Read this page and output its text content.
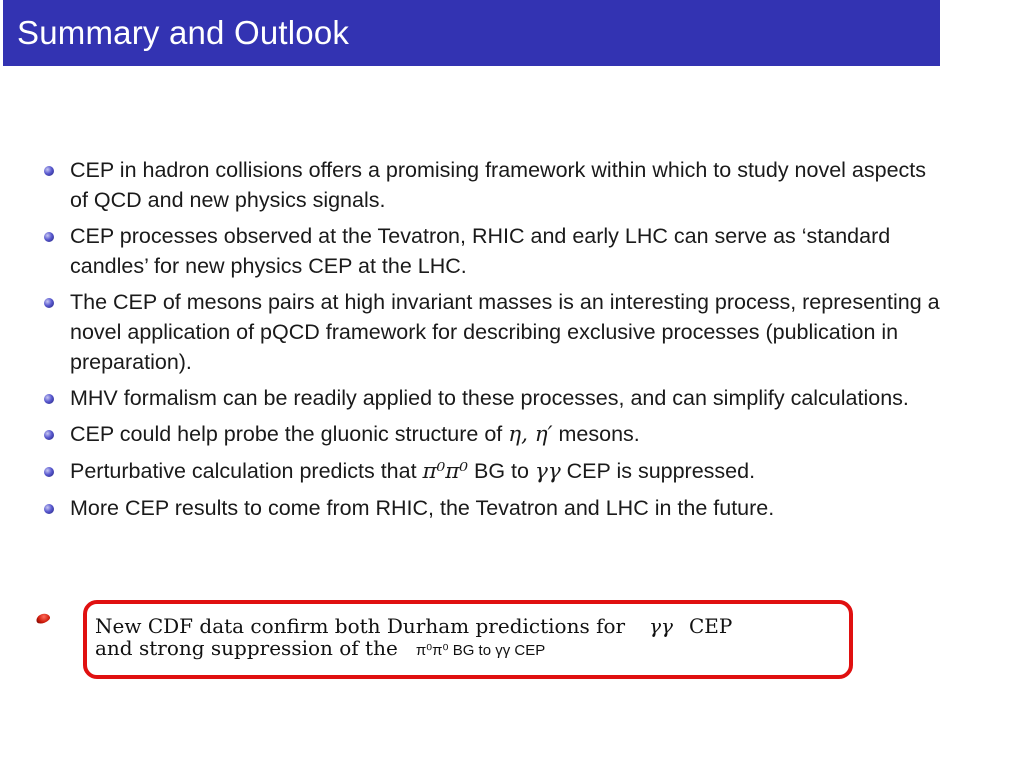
Summary and Outlook
CEP in hadron collisions offers a promising framework within which to study novel aspects of QCD and new physics signals.
CEP processes observed at the Tevatron, RHIC and early LHC can serve as ‘standard candles’ for new physics CEP at the LHC.
The CEP of mesons pairs at high invariant masses is an interesting process, representing a novel application of pQCD framework for describing exclusive processes (publication in preparation).
MHV formalism can be readily applied to these processes, and can simplify calculations.
CEP could help probe the gluonic structure of η, η′ mesons.
Perturbative calculation predicts that π⁰π⁰ BG to γγ CEP is suppressed.
More CEP results to come from RHIC, the Tevatron and LHC in the future.
New CDF data confirm both Durham predictions for γγ CEP
and strong suppression of the π⁰π⁰ BG to γγ CEP
